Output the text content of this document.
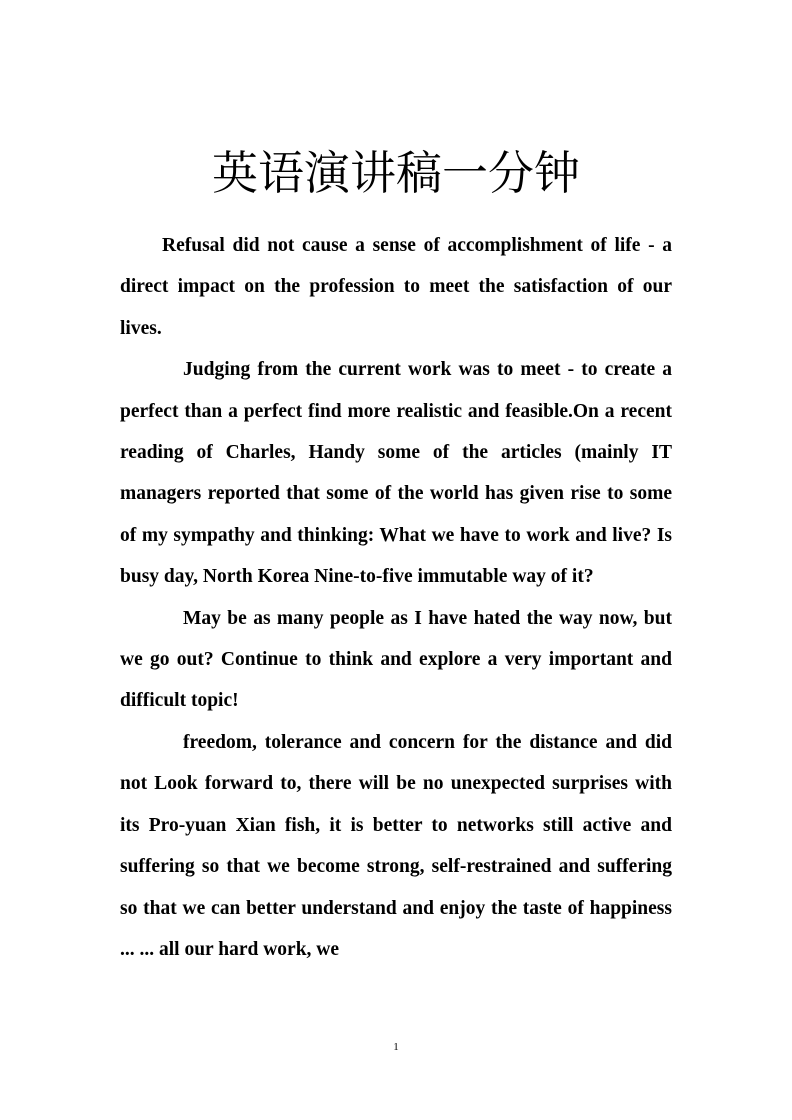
英语演讲稿一分钟

Refusal did not cause a sense of accomplishment of life - a direct impact on the profession to meet the satisfaction of our lives.

Judging from the current work was to meet - to create a perfect than a perfect find more realistic and feasible.On a recent reading of Charles, Handy some of the articles (mainly IT managers reported that some of the world has given rise to some of my sympathy and thinking: What we have to work and live? Is busy day, North Korea Nine-to-five immutable way of it?

May be as many people as I have hated the way now, but we go out? Continue to think and explore a very important and difficult topic!

freedom, tolerance and concern for the distance and did not Look forward to, there will be no unexpected surprises with its Pro-yuan Xian fish, it is better to networks still active and suffering so that we become strong, self-restrained and suffering so that we can better understand and enjoy the taste of happiness ... ... all our hard work, we

1
